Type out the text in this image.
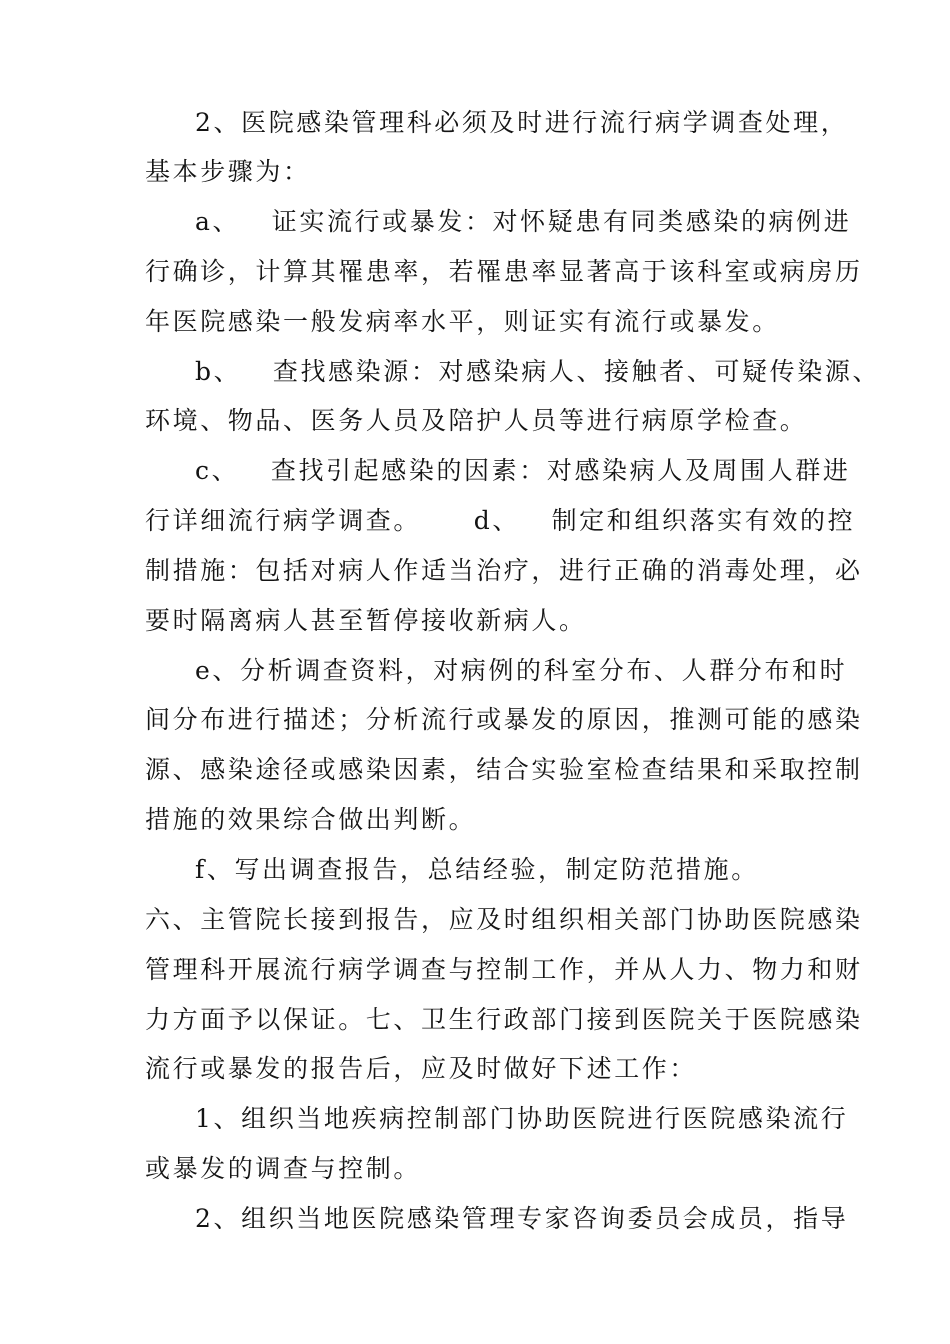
2、医院感染管理科必须及时进行流行病学调查处理，
基本步骤为：
a、   证实流行或暴发：对怀疑患有同类感染的病例进
行确诊，计算其罹患率，若罹患率显著高于该科室或病房历
年医院感染一般发病率水平，则证实有流行或暴发。
b、   查找感染源：对感染病人、接触者、可疑传染源、
环境、物品、医务人员及陪护人员等进行病原学检查。
c、   查找引起感染的因素：对感染病人及周围人群进
行详细流行病学调查。     d、   制定和组织落实有效的控
制措施：包括对病人作适当治疗，进行正确的消毒处理，必
要时隔离病人甚至暂停接收新病人。
e、分析调查资料，对病例的科室分布、人群分布和时
间分布进行描述；分析流行或暴发的原因，推测可能的感染
源、感染途径或感染因素，结合实验室检查结果和采取控制
措施的效果综合做出判断。
f、写出调查报告，总结经验，制定防范措施。
六、主管院长接到报告，应及时组织相关部门协助医院感染
管理科开展流行病学调查与控制工作，并从人力、物力和财
力方面予以保证。七、卫生行政部门接到医院关于医院感染
流行或暴发的报告后，应及时做好下述工作：
1、组织当地疾病控制部门协助医院进行医院感染流行
或暴发的调查与控制。
2、组织当地医院感染管理专家咨询委员会成员，指导
